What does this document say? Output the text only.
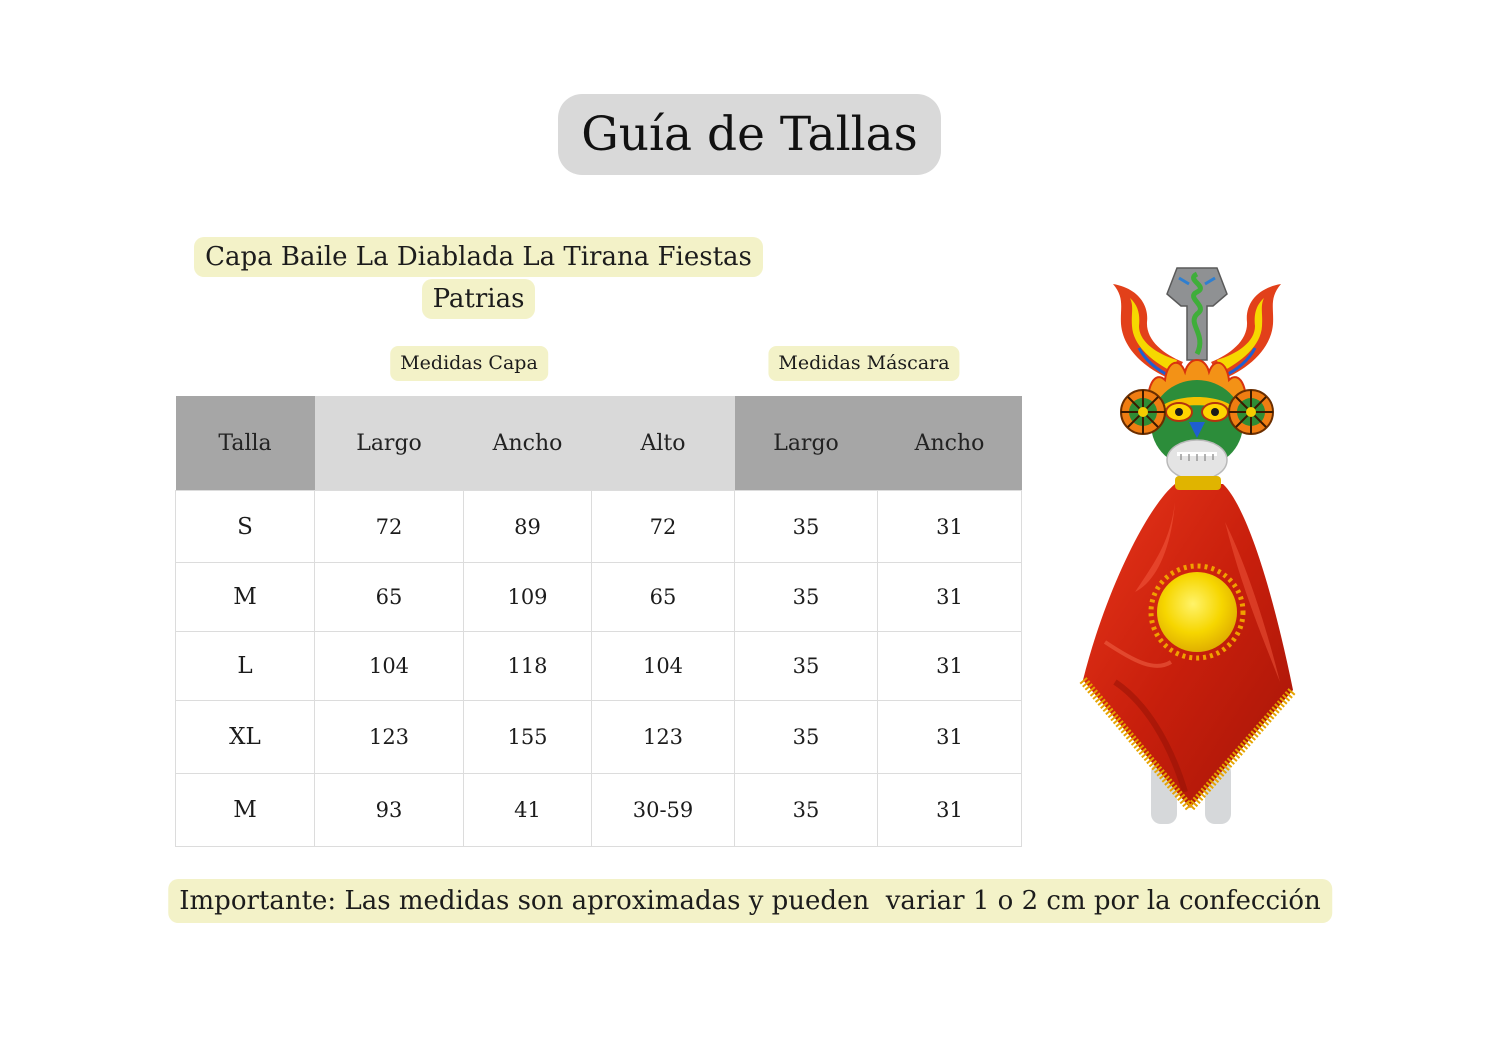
Guía de Tallas
Capa Baile La Diablada La Tirana Fiestas Patrias
Medidas Capa	Medidas Máscara
Talla	Largo	Ancho	Alto	Largo	Ancho
S	72	89	72	35	31
M	65	109	65	35	31
L	104	118	104	35	31
XL	123	155	123	35	31
M	93	41	30-59	35	31
Importante: Las medidas son aproximadas y pueden  variar 1 o 2 cm por la confección
